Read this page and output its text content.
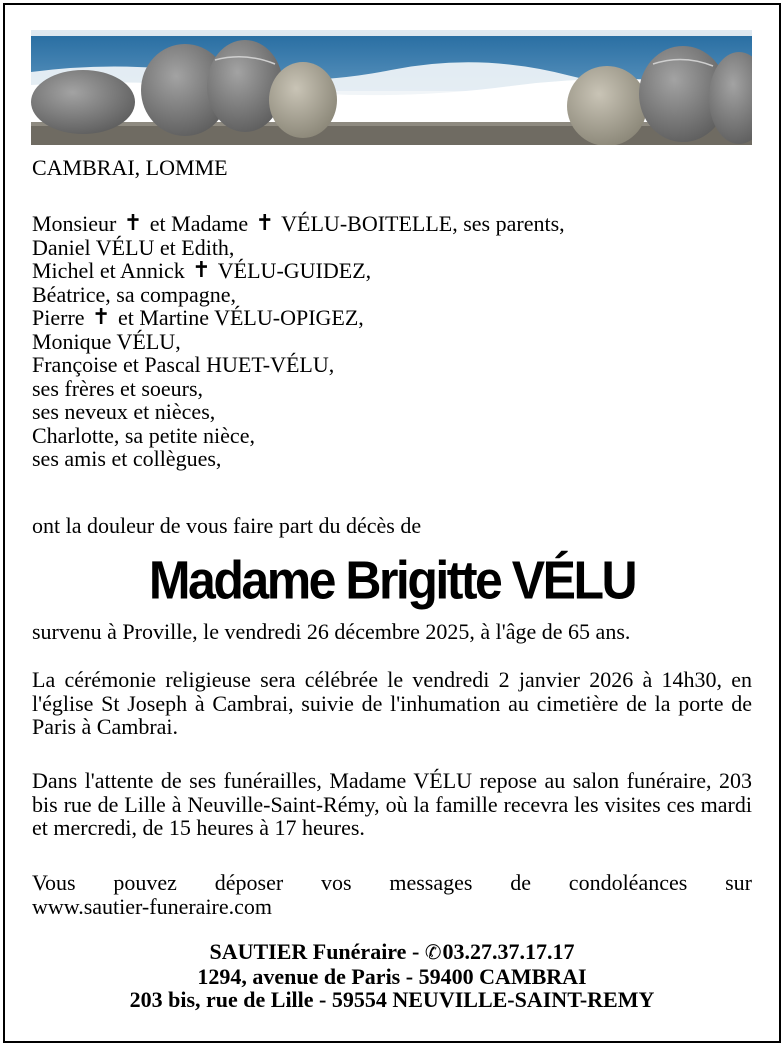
CAMBRAI, LOMME
Monsieur ✝ et Madame ✝ VÉLU-BOITELLE, ses parents,
Daniel VÉLU et Edith,
Michel et Annick ✝ VÉLU-GUIDEZ,
Béatrice, sa compagne,
Pierre ✝ et Martine VÉLU-OPIGEZ,
Monique VÉLU,
Françoise et Pascal HUET-VÉLU,
ses frères et soeurs,
ses neveux et nièces,
Charlotte, sa petite nièce,
ses amis et collègues,
ont la douleur de vous faire part du décès de
Madame Brigitte VÉLU
survenu à Proville, le vendredi 26 décembre 2025, à l'âge de 65 ans.
La cérémonie religieuse sera célébrée le vendredi 2 janvier 2026 à 14h30, en l'église St Joseph à Cambrai, suivie de l'inhumation au cimetière de la porte de Paris à Cambrai.
Dans l'attente de ses funérailles, Madame VÉLU repose au salon funéraire, 203 bis rue de Lille à Neuville-Saint-Rémy, où la famille recevra les visites ces mardi et mercredi, de 15 heures à 17 heures.
Vous pouvez déposer vos messages de condoléances sur
www.sautier-funeraire.com
SAUTIER Funéraire - ✆03.27.37.17.17
1294, avenue de Paris - 59400 CAMBRAI
203 bis, rue de Lille - 59554 NEUVILLE-SAINT-REMY
